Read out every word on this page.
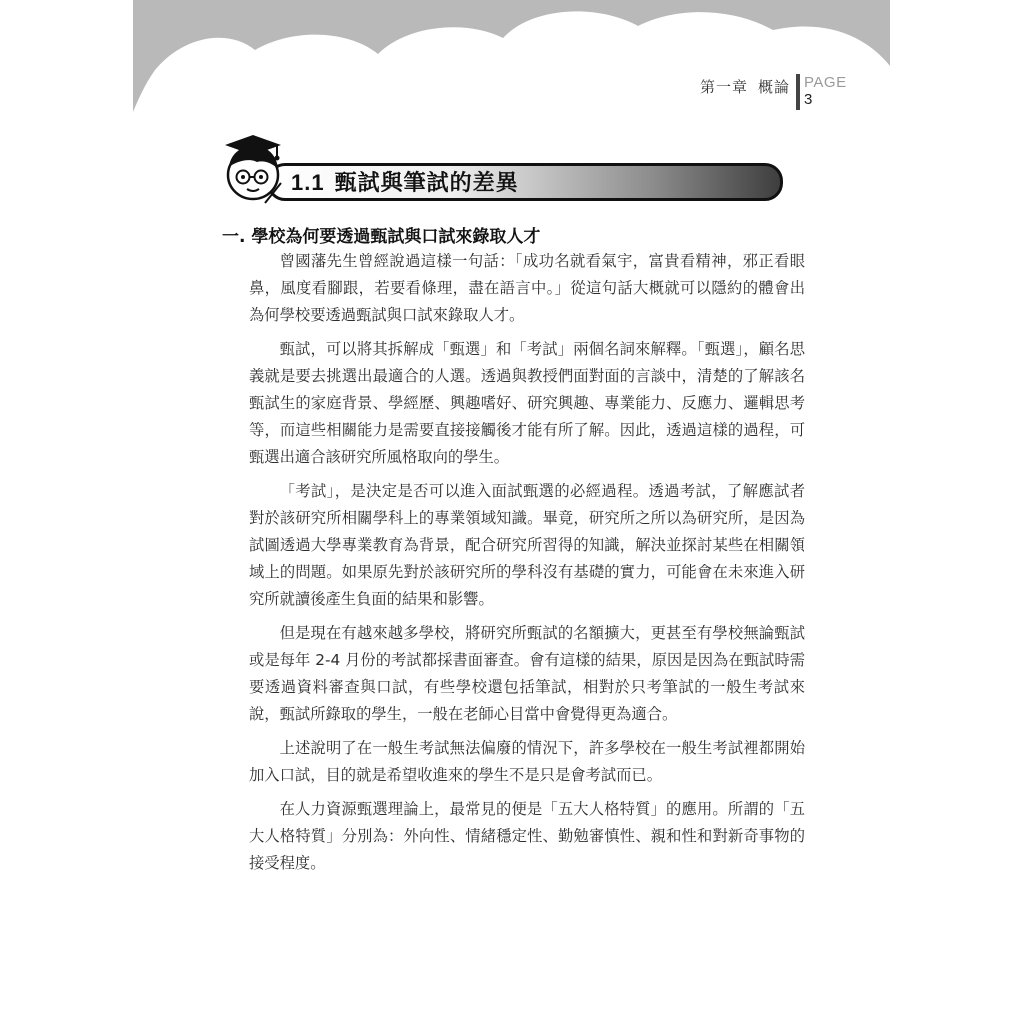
第一章 概論 PAGE
3
1.1 甄試與筆試的差異
一. 學校為何要透過甄試與口試來錄取人才

曾國藩先生曾經說過這樣一句話：「成功名就看氣宇，富貴看精神，邪正看眼鼻，風度看腳跟，若要看條理，盡在語言中。」從這句話大概就可以隱約的體會出為何學校要透過甄試與口試來錄取人才。

甄試，可以將其拆解成「甄選」和「考試」兩個名詞來解釋。「甄選」，顧名思義就是要去挑選出最適合的人選。透過與教授們面對面的言談中，清楚的了解該名甄試生的家庭背景、學經歷、興趣嗜好、研究興趣、專業能力、反應力、邏輯思考等，而這些相關能力是需要直接接觸後才能有所了解。因此，透過這樣的過程，可甄選出適合該研究所風格取向的學生。

「考試」，是決定是否可以進入面試甄選的必經過程。透過考試，了解應試者對於該研究所相關學科上的專業領域知識。畢竟，研究所之所以為研究所，是因為試圖透過大學專業教育為背景，配合研究所習得的知識，解決並探討某些在相關領域上的問題。如果原先對於該研究所的學科沒有基礎的實力，可能會在未來進入研究所就讀後產生負面的結果和影響。

但是現在有越來越多學校，將研究所甄試的名額擴大，更甚至有學校無論甄試或是每年 2-4 月份的考試都採書面審查。會有這樣的結果，原因是因為在甄試時需要透過資料審查與口試，有些學校還包括筆試，相對於只考筆試的一般生考試來說，甄試所錄取的學生，一般在老師心目當中會覺得更為適合。

上述說明了在一般生考試無法偏廢的情況下，許多學校在一般生考試裡都開始加入口試，目的就是希望收進來的學生不是只是會考試而已。

在人力資源甄選理論上，最常見的便是「五大人格特質」的應用。所謂的「五大人格特質」分別為：外向性、情緒穩定性、勤勉審慎性、親和性和對新奇事物的接受程度。
